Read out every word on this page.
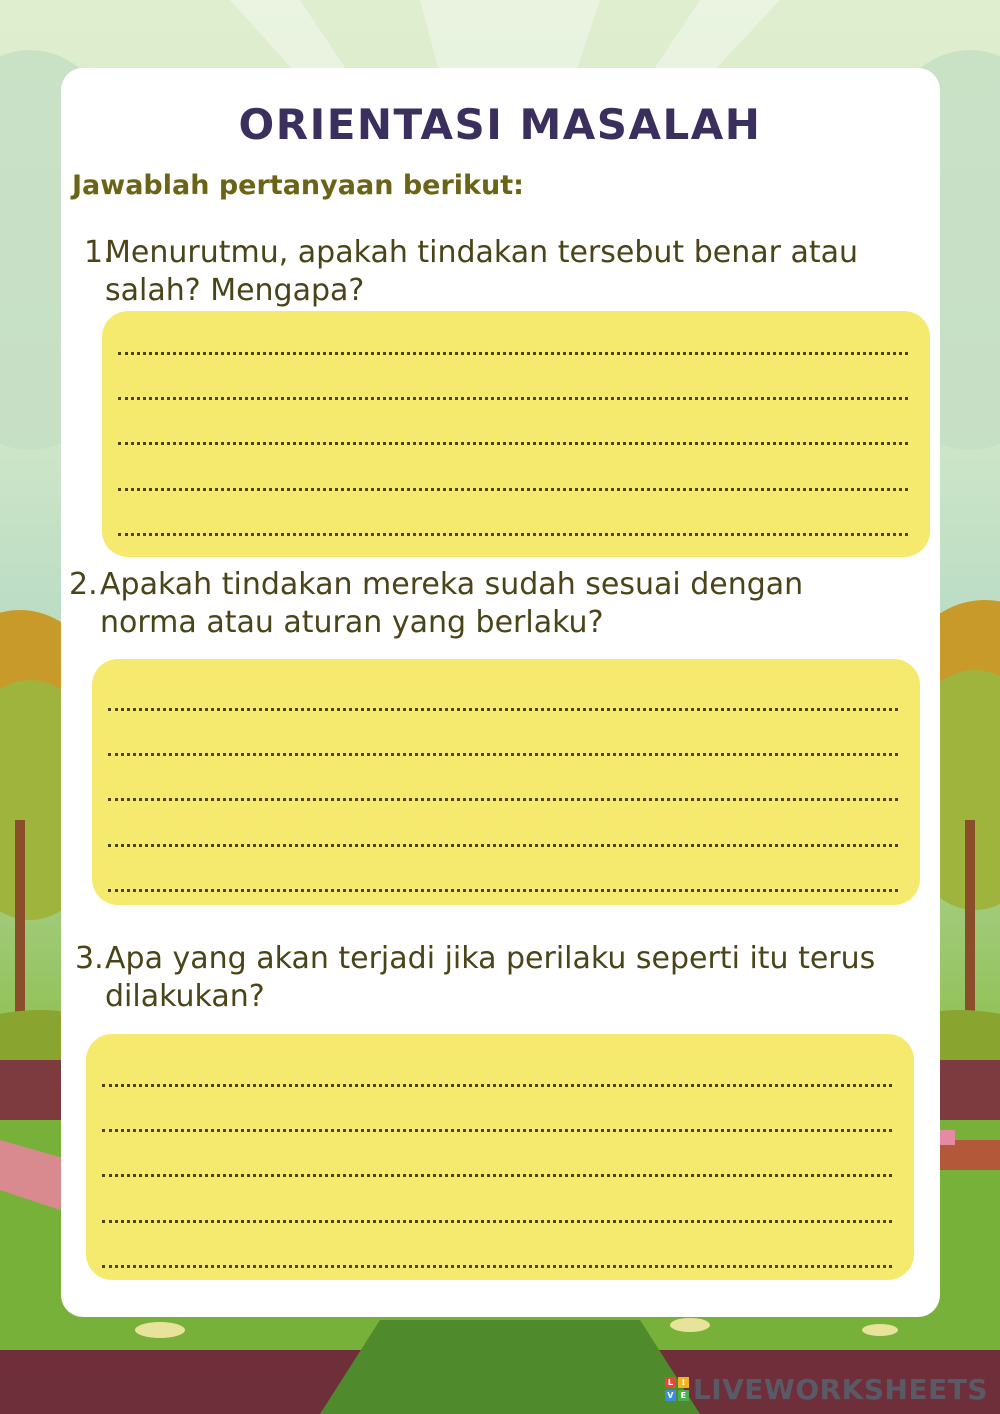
ORIENTASI MASALAH
Jawablah pertanyaan berikut:
1.
Menurutmu, apakah tindakan tersebut benar atau
salah? Mengapa?
2. Apakah tindakan mereka sudah sesuai dengan
norma atau aturan yang berlaku?
3. Apa yang akan terjadi jika perilaku seperti itu terus
dilakukan?
L	I
V E LIVEWORKSHEETS
